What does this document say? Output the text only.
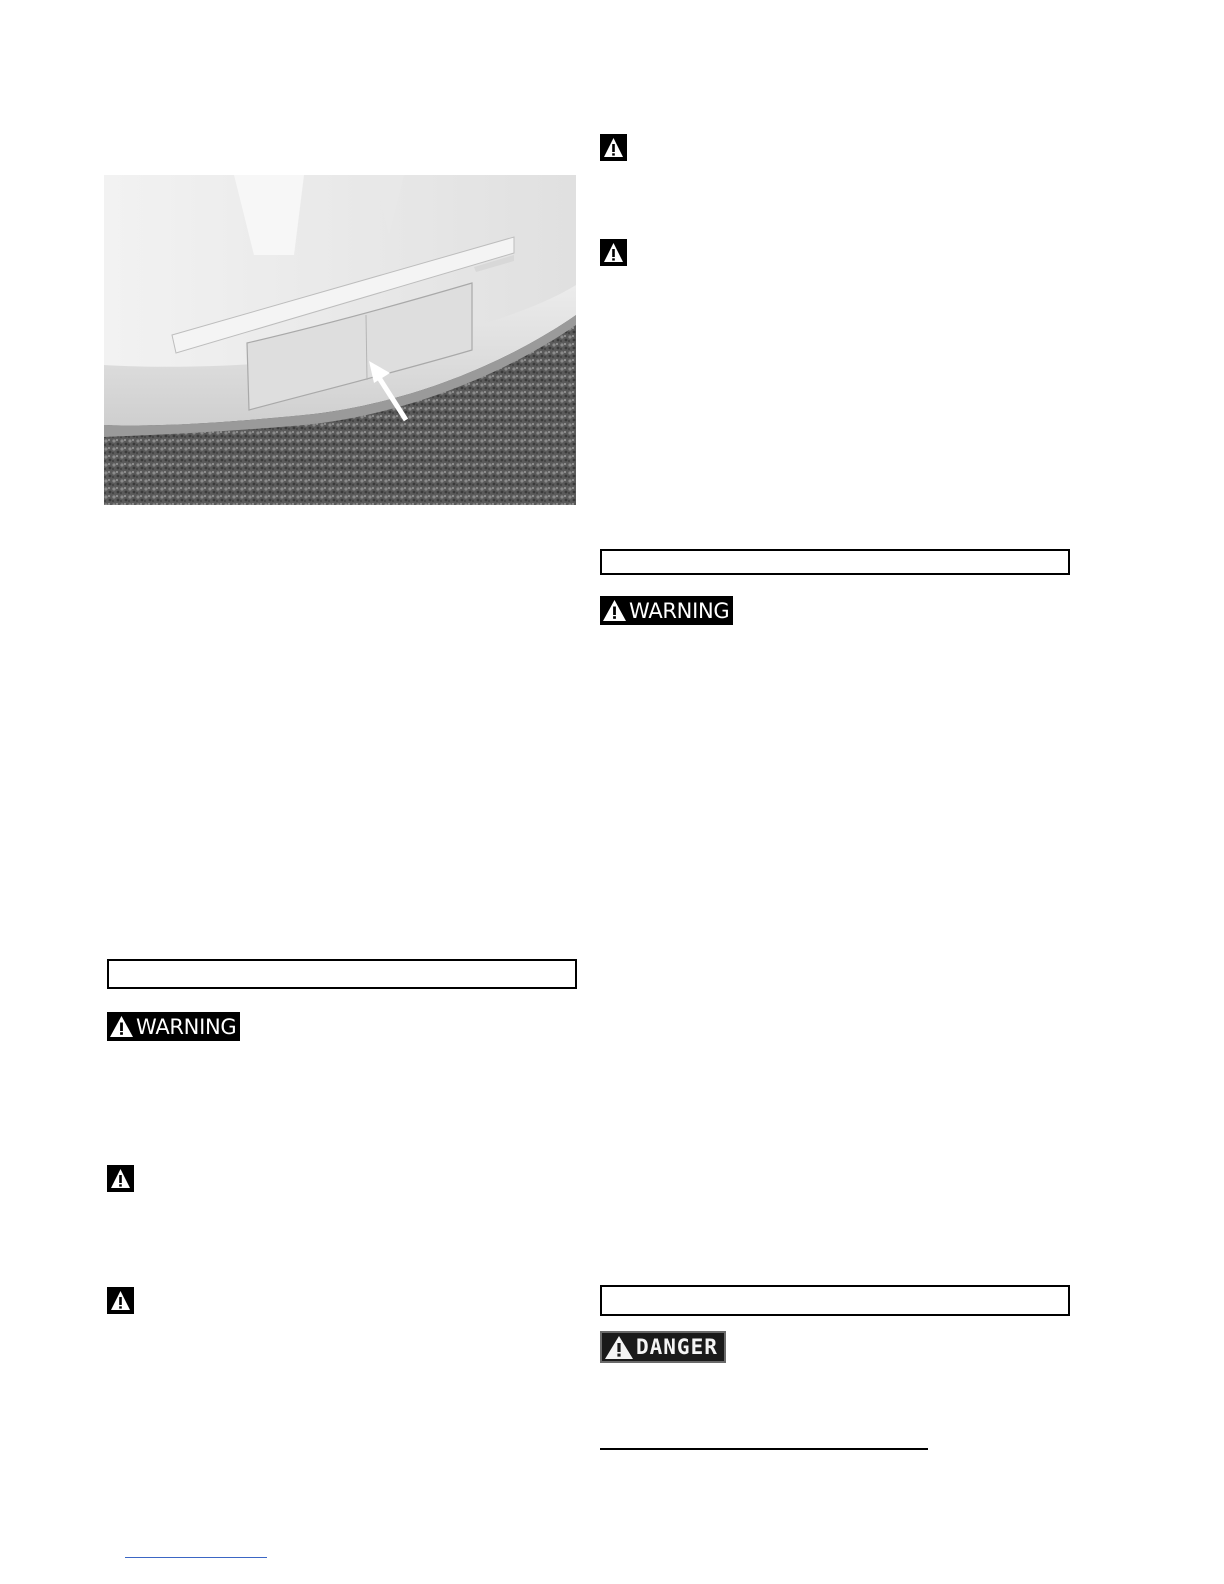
WARNING
WARNING
DANGER
